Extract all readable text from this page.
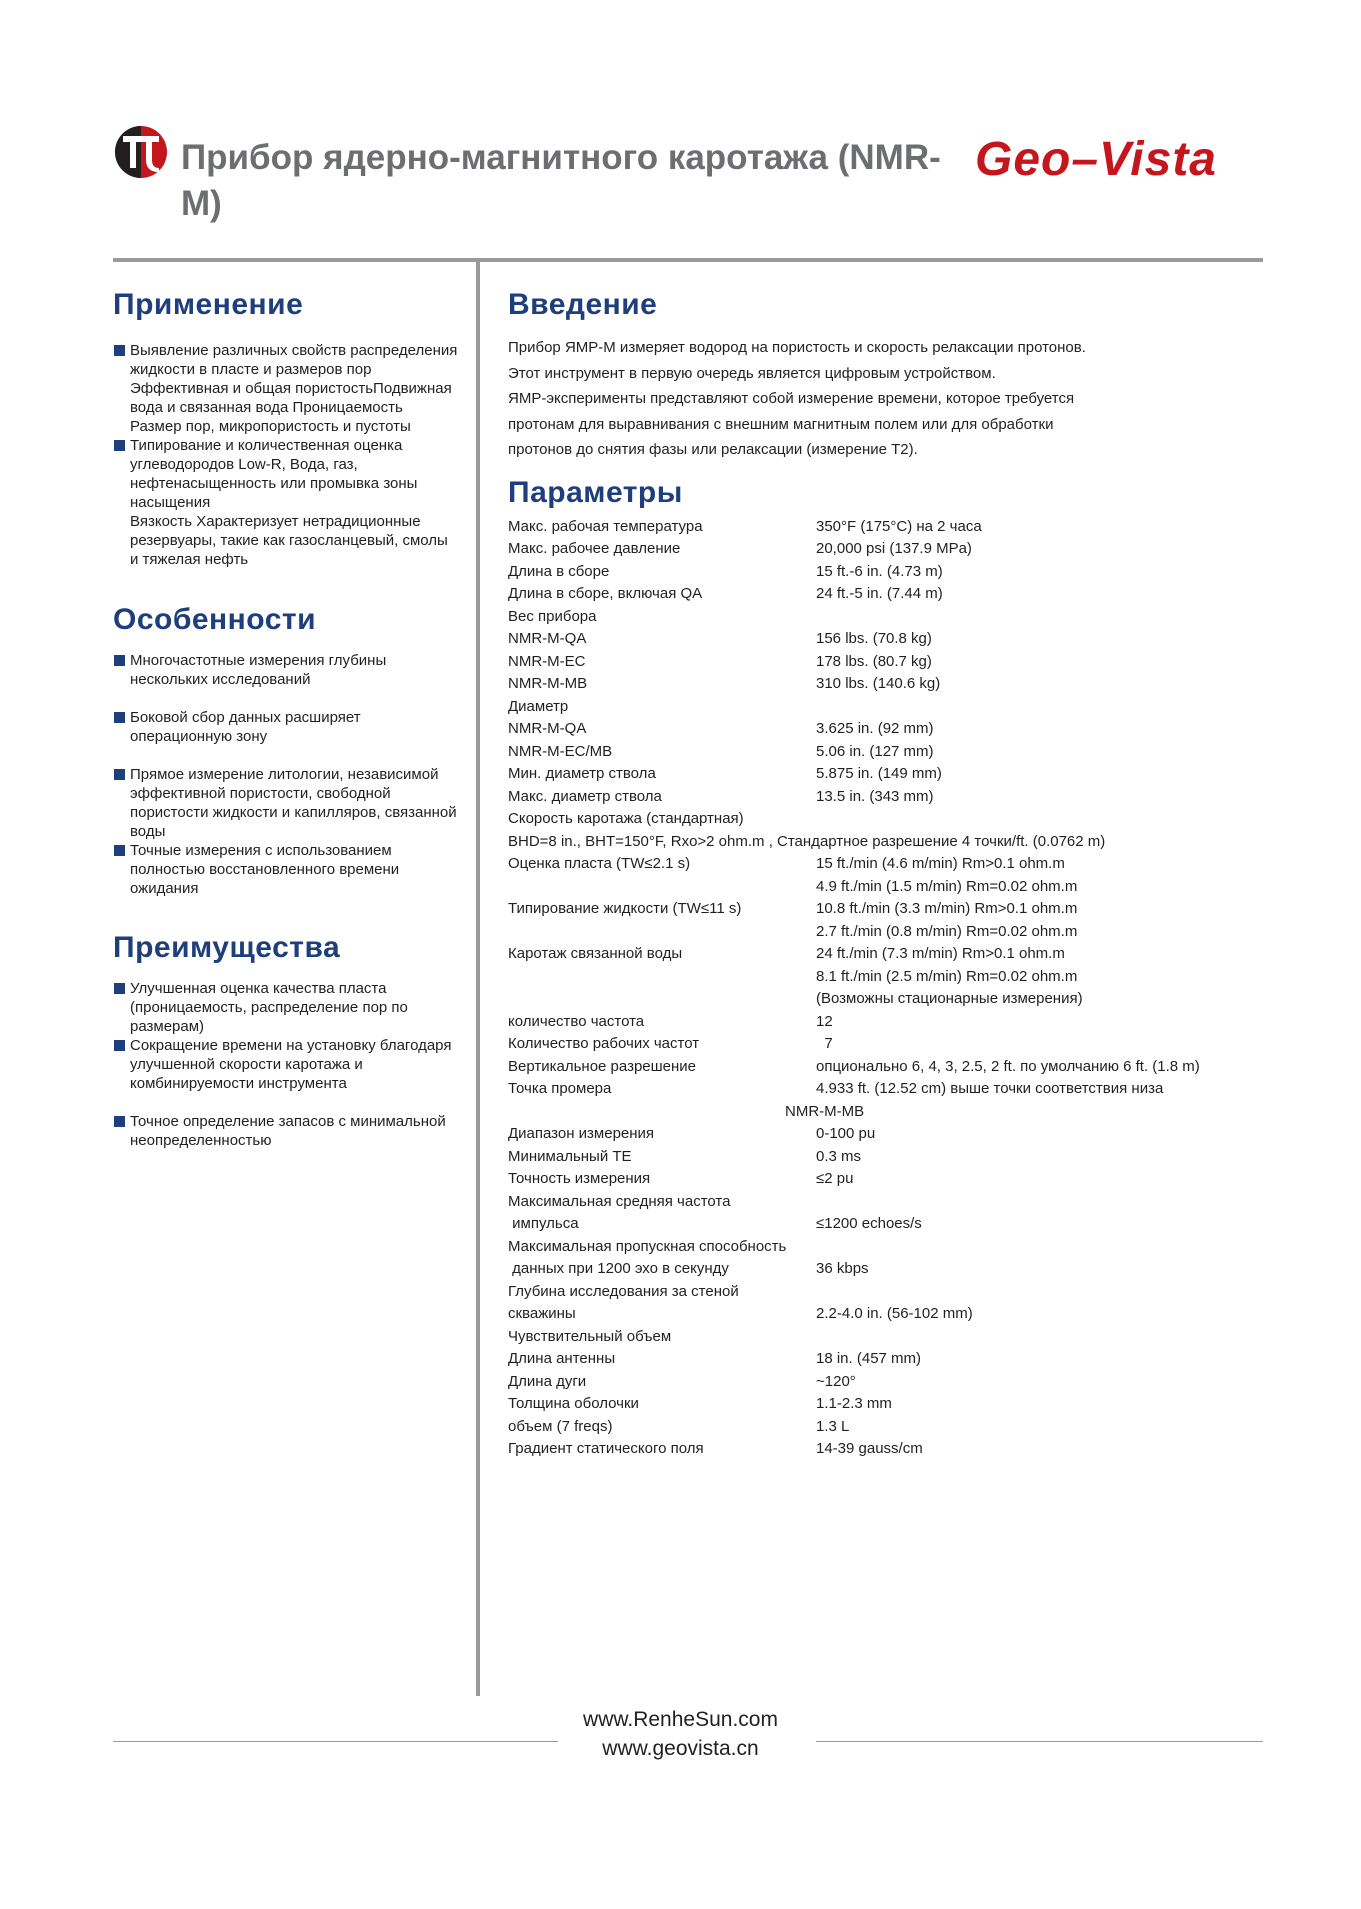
Прибор ядерно-магнитного каротажа (NMR-M)
Geo–Vista
Применение
Выявление различных свойств распределения жидкости в пласте и размеров пор Эффективная и общая пористостьПодвижная вода и связанная вода Проницаемость Размер пор, микропористость и пустоты
Типирование и количественная оценка углеводородов Low-R, Вода, газ, нефтенасыщенность или промывка зоны насыщения
Вязкость Характеризует нетрадиционные резервуары, такие как газосланцевый, смолы и тяжелая нефть
Особенности
Многочастотные измерения глубины нескольких исследований
Боковой сбор данных расширяет операционную зону
Прямое измерение литологии, независимой эффективной пористости, свободной пористости жидкости и капилляров, связанной воды
Точные измерения с использованием полностью восстановленного времени ожидания
Преимущества
Улучшенная оценка качества пласта (проницаемость, распределение пор по размерам)
Сокращение времени на установку благодаря улучшенной скорости каротажа и комбинируемости инструмента
Точное определение запасов с минимальной неопределенностью
Введение

Прибор ЯМР-М измеряет водород на пористость и скорость релаксации протонов.

Этот инструмент в первую очередь является цифровым устройством.

ЯМР-эксперименты представляют собой измерение времени, которое требуется

протонам для выравнивания с внешним магнитным полем или для обработки

протонов до снятия фазы или релаксации (измерение Т2).

Параметры
Макс. рабочая температура	350°F (175°C) на 2 часа
Макс. рабочее давление	20,000 psi (137.9 MPa)
Длина в сборе	15 ft.-6 in. (4.73 m)
Длина в сборе, включая QA	24 ft.-5 in. (7.44 m)
Вес прибора
NMR-M-QA	156 lbs. (70.8 kg)
NMR-M-EC	178 lbs. (80.7 kg)
NMR-M-MB	310 lbs. (140.6 kg)
Диаметр
NMR-M-QA	3.625 in. (92 mm)
NMR-M-EC/MB	5.06 in. (127 mm)
Мин. диаметр ствола	5.875 in. (149 mm)
Макс. диаметр ствола	13.5 in. (343 mm)
Скорость каротажа (стандартная)
BHD=8 in., BHT=150°F, Rxo>2 ohm.m , Стандартное разрешение 4 точки/ft. (0.0762 m)
Оценка пласта (TW≤2.1 s)	15 ft./min (4.6 m/min) Rm>0.1 ohm.m
4.9 ft./min (1.5 m/min) Rm=0.02 ohm.m
Типирование жидкости (TW≤11 s)	10.8 ft./min (3.3 m/min) Rm>0.1 ohm.m
2.7 ft./min (0.8 m/min) Rm=0.02 ohm.m
Каротаж связанной воды	24 ft./min (7.3 m/min) Rm>0.1 ohm.m
8.1 ft./min (2.5 m/min) Rm=0.02 ohm.m
(Возможны стационарные измерения)
количество частота	12
Количество рабочих частот	7
Вертикальное разрешение	опционально 6, 4, 3, 2.5, 2 ft. по умолчанию 6 ft. (1.8 m)
Точка промера	4.933 ft. (12.52 cm) выше точки соответствия низа
NMR-M-MB
Диапазон измерения	0-100 pu
Минимальный TE	0.3 ms
Точность измерения	≤2 pu
Максимальная средняя частота
импульса	≤1200 echoes/s
Максимальная пропускная способность
данных при 1200 эхо в секунду	36 kbps
Глубина исследования за стеной
скважины	2.2-4.0 in. (56-102 mm)
Чувствительный объем
Длина антенны	18 in. (457 mm)
Длина дуги	~120°
Толщина оболочки	1.1-2.3 mm
объем (7 freqs)	1.3 L
Градиент статического поля	14-39 gauss/cm
www.RenheSun.com
www.geovista.cn
